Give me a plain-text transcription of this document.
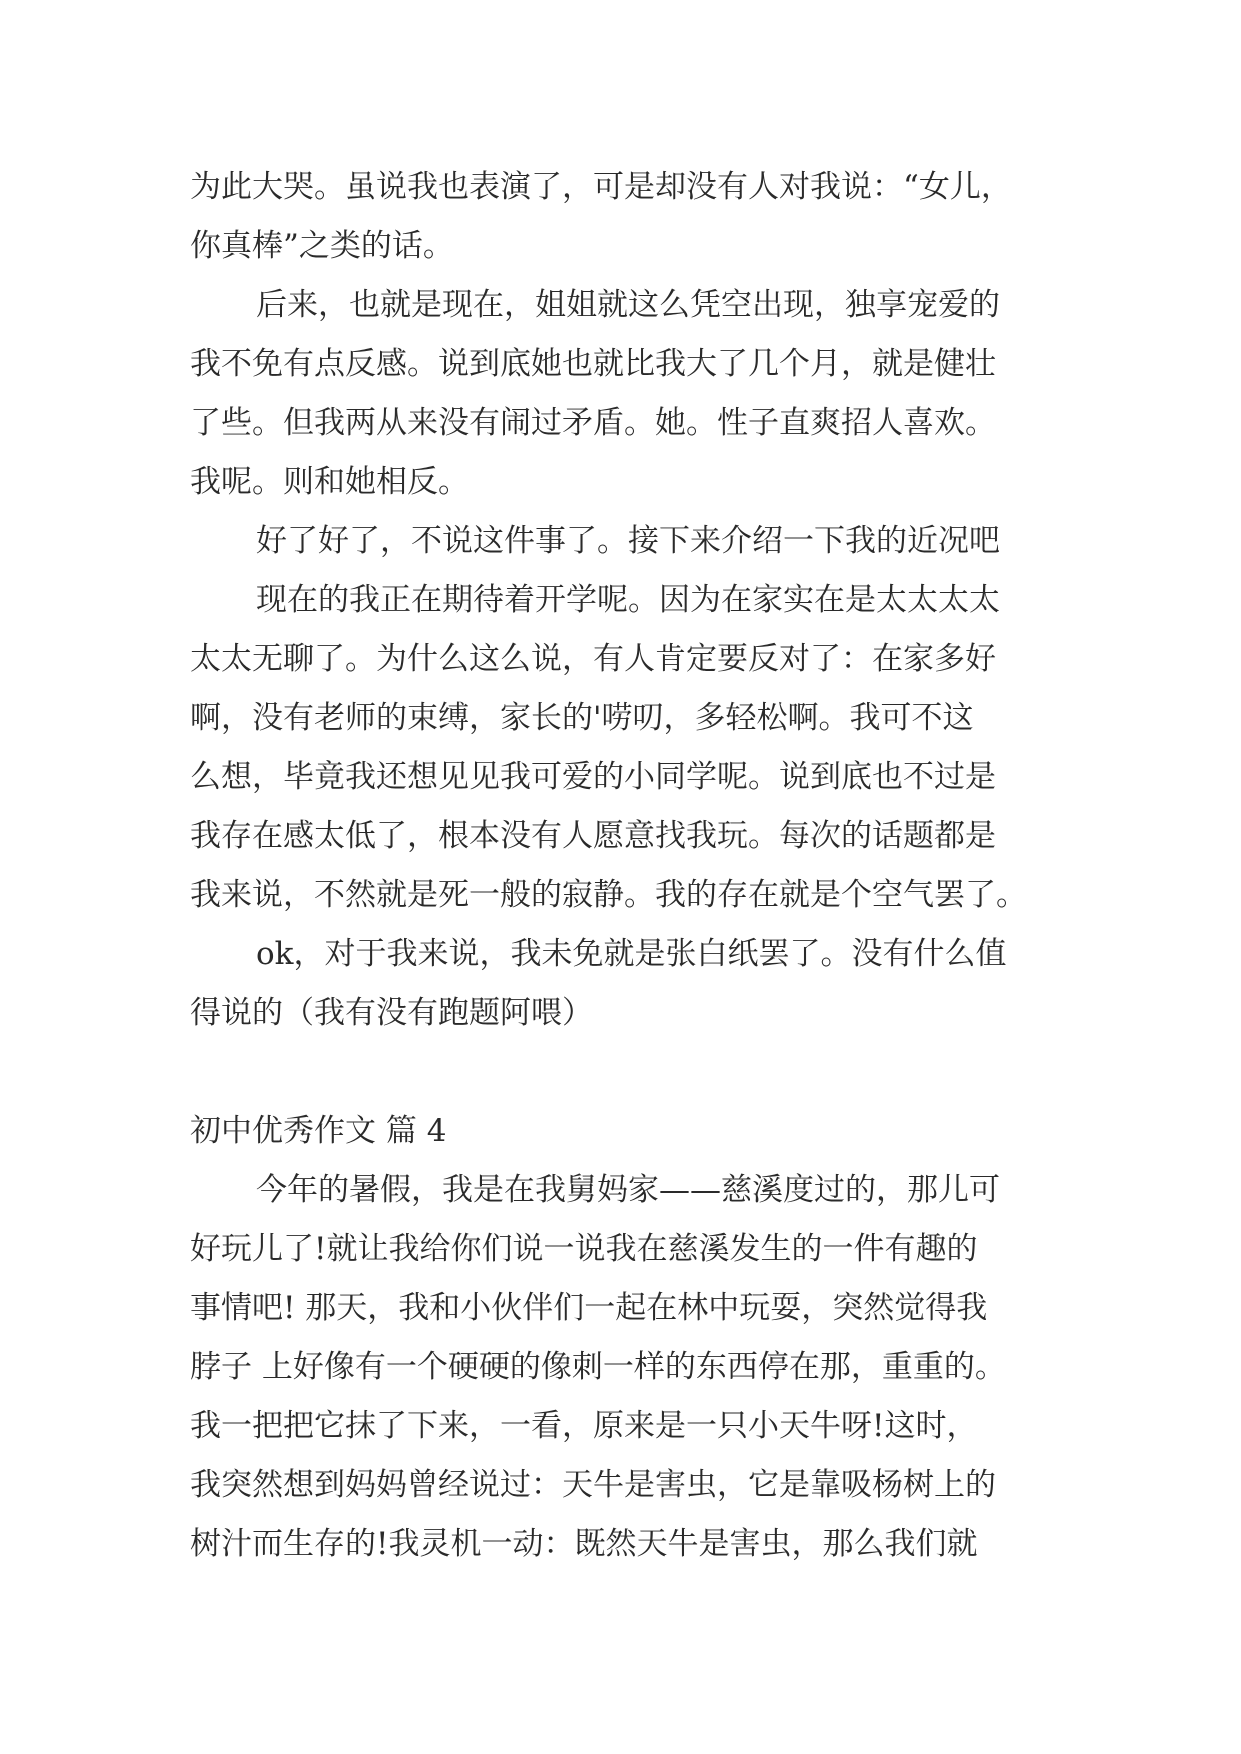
为此大哭。虽说我也表演了，可是却没有人对我说：“女儿，
你真棒”之类的话。

后来，也就是现在，姐姐就这么凭空出现，独享宠爱的
我不免有点反感。说到底她也就比我大了几个月，就是健壮
了些。但我两从来没有闹过矛盾。她。性子直爽招人喜欢。
我呢。则和她相反。

好了好了，不说这件事了。接下来介绍一下我的近况吧

现在的我正在期待着开学呢。因为在家实在是太太太太
太太无聊了。为什么这么说，有人肯定要反对了：在家多好
啊，没有老师的束缚，家长的'唠叨，多轻松啊。我可不这
么想，毕竟我还想见见我可爱的小同学呢。说到底也不过是
我存在感太低了，根本没有人愿意找我玩。每次的话题都是
我来说，不然就是死一般的寂静。我的存在就是个空气罢了。

ok，对于我来说，我未免就是张白纸罢了。没有什么值
得说的（我有没有跑题阿喂）

初中优秀作文 篇 4

今年的暑假，我是在我舅妈家——慈溪度过的，那儿可
好玩儿了!就让我给你们说一说我在慈溪发生的一件有趣的
事情吧! 那天，我和小伙伴们一起在林中玩耍，突然觉得我
脖子 上好像有一个硬硬的像刺一样的东西停在那，重重的。
我一把把它抹了下来，一看，原来是一只小天牛呀!这时，
我突然想到妈妈曾经说过：天牛是害虫，它是靠吸杨树上的
树汁而生存的!我灵机一动：既然天牛是害虫，那么我们就
